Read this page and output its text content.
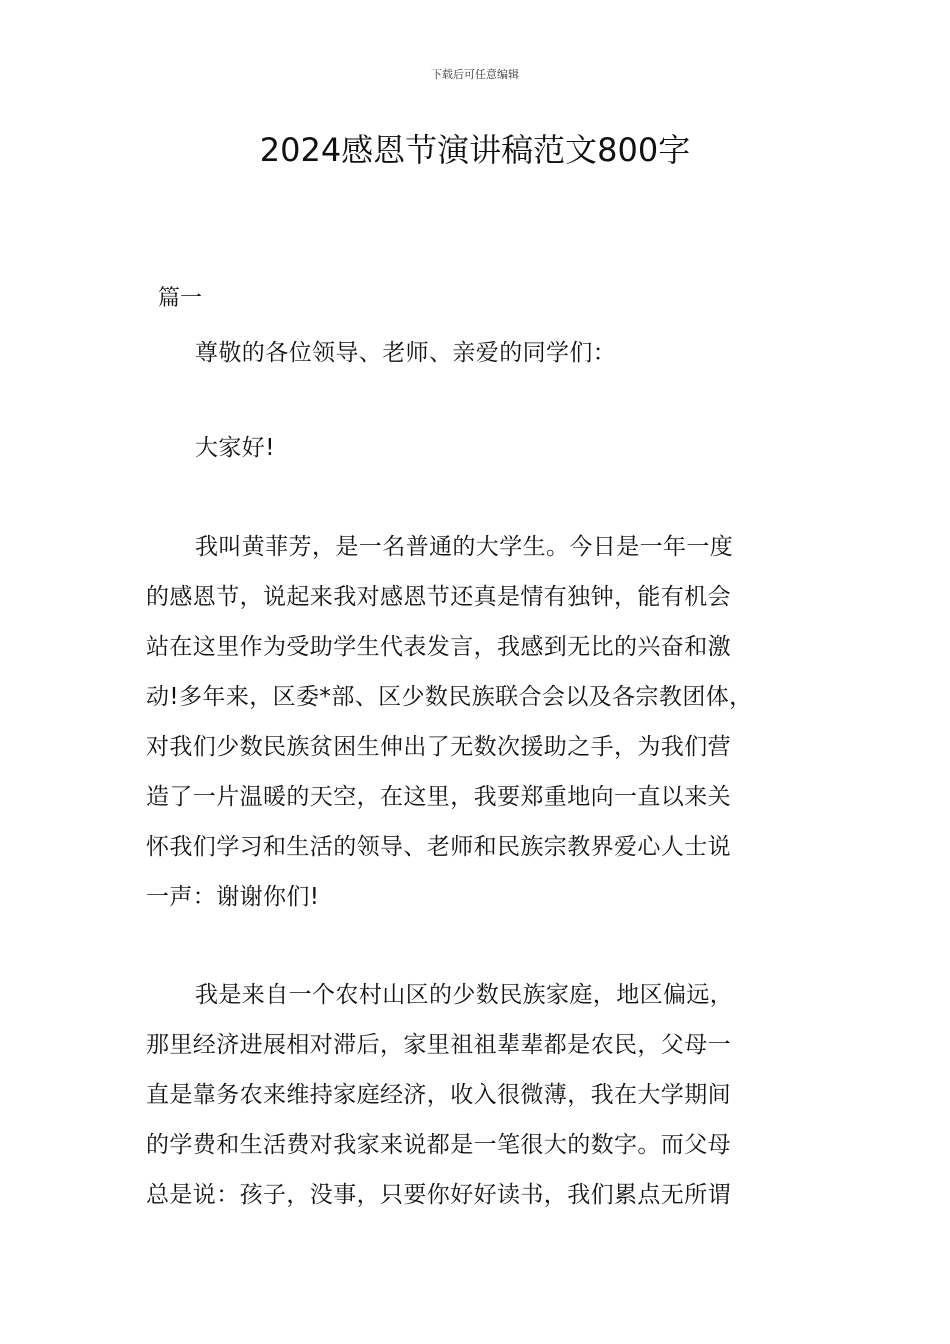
下载后可任意编辑
2024感恩节演讲稿范文800字
篇一
尊敬的各位领导、老师、亲爱的同学们：
大家好!
我叫黄菲芳，是一名普通的大学生。今日是一年一度
的感恩节，说起来我对感恩节还真是情有独钟，能有机会
站在这里作为受助学生代表发言，我感到无比的兴奋和激
动!多年来，区委*部、区少数民族联合会以及各宗教团体，
对我们少数民族贫困生伸出了无数次援助之手，为我们营
造了一片温暖的天空，在这里，我要郑重地向一直以来关
怀我们学习和生活的领导、老师和民族宗教界爱心人士说
一声：谢谢你们!
我是来自一个农村山区的少数民族家庭，地区偏远，
那里经济进展相对滞后，家里祖祖辈辈都是农民，父母一
直是靠务农来维持家庭经济，收入很微薄，我在大学期间
的学费和生活费对我家来说都是一笔很大的数字。而父母
总是说：孩子，没事，只要你好好读书，我们累点无所谓
